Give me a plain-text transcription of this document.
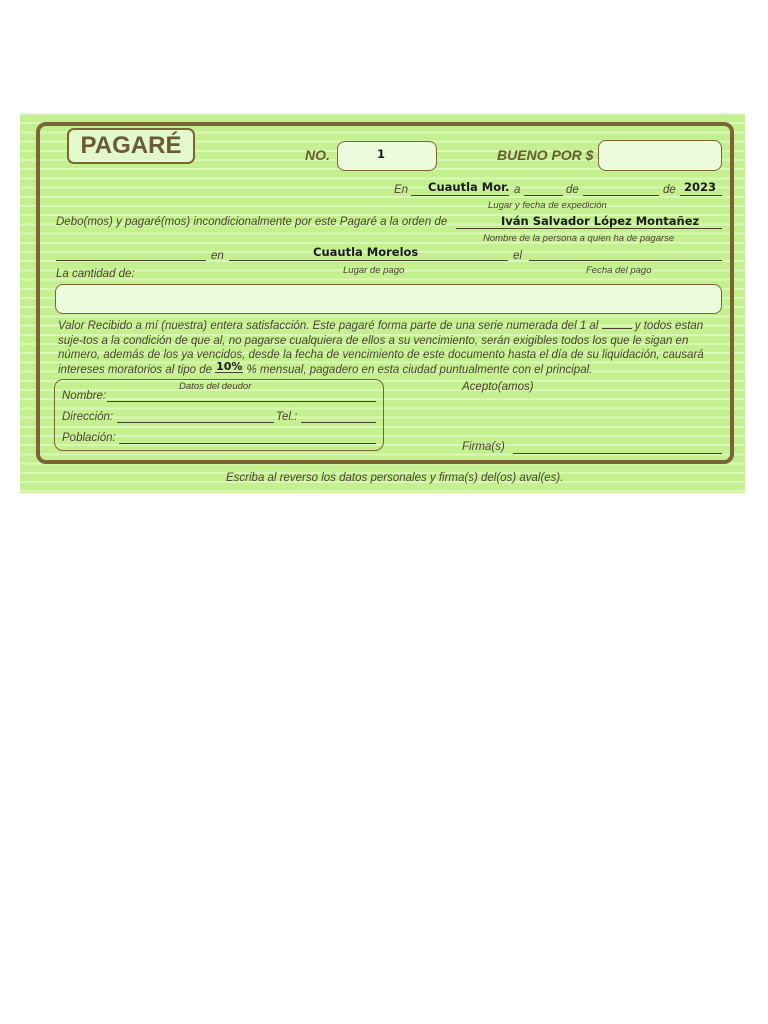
PAGARÉ	NO.	1	BUENO POR $
En Cuautla Mor. a	de	de 2023
Lugar y fecha de expedición
Debo(mos) y pagaré(mos) incondicionalmente por este Pagaré a la orden de	Iván Salvador López Montañez
Nombre de la persona a quien ha de pagarse
en	Cuautla Morelos	el
Lugar de pago	Fecha del pago
La cantidad de:
Valor Recibido a mí (nuestra) entera satisfacción. Este pagaré forma parte de una serie numerada del 1 al	y todos estan suje-tos a la condición de que al, no pagarse cualquiera de ellos a su vencimiento, serán exigibles todos los que le sigan en número, además de los ya vencidos, desde la fecha de vencimiento de este documento hasta el día de su liquidación, causará intereses moratorios al tipo de 10% % mensual, pagadero en esta ciudad puntualmente con el principal.
Datos del deudor
Nombre:
Dirección:	Tel.:
Población:
Acepto(amos)
Firma(s)
Escriba al reverso los datos personales y firma(s) del(os) aval(es).
